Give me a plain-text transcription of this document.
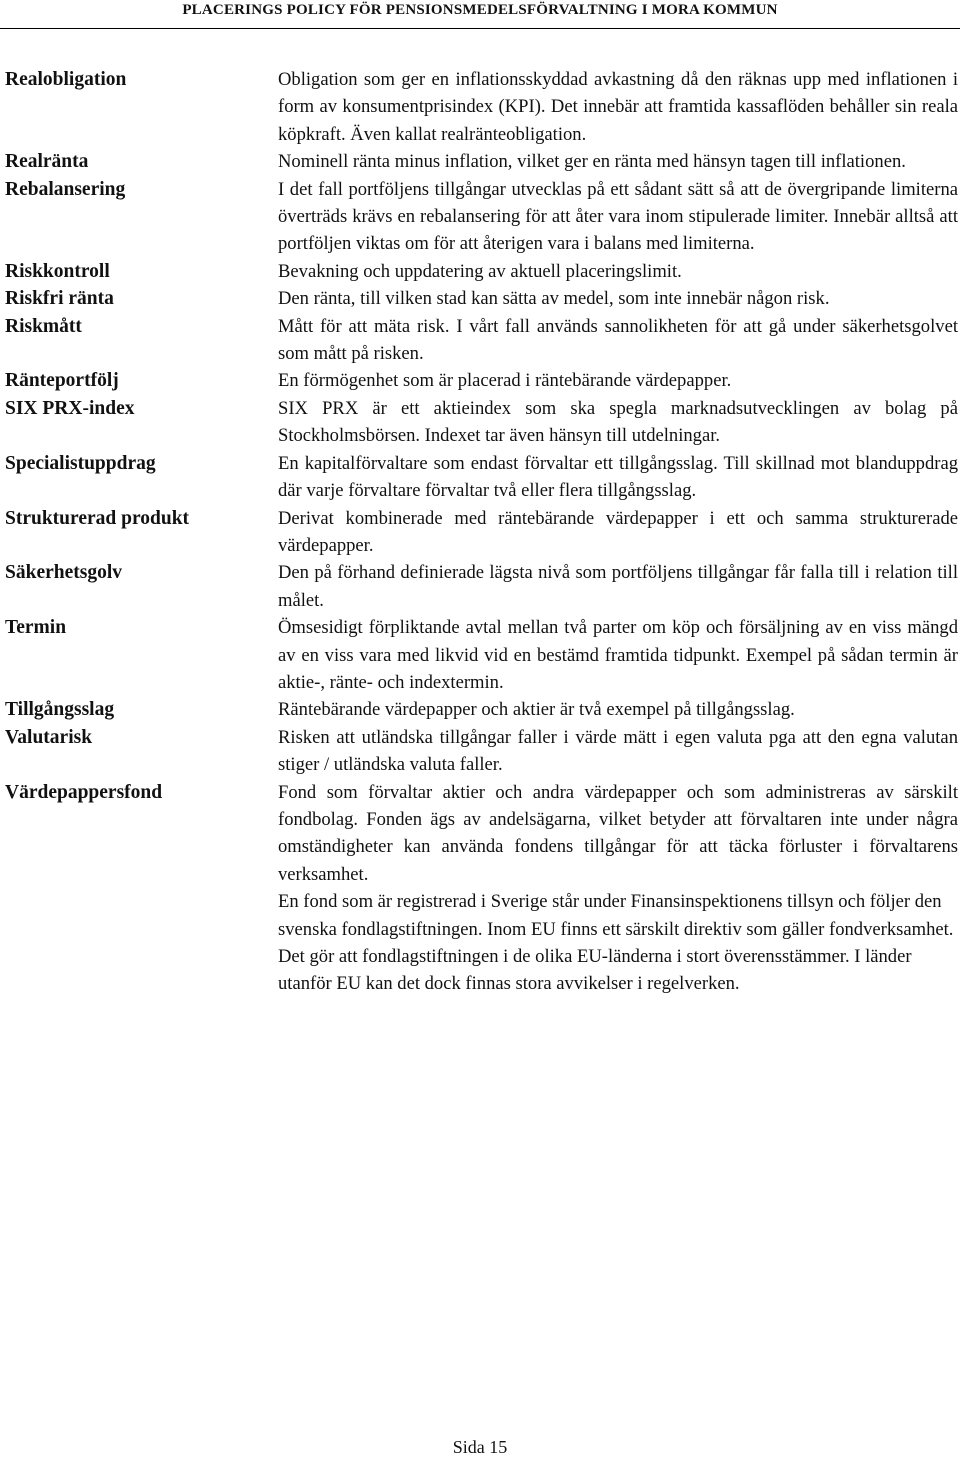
PLACERINGS POLICY FÖR PENSIONSMEDELSFÖRVALTNING I MORA KOMMUN
Realobligation	Obligation som ger en inflationsskyddad avkastning då den räknas upp med inflationen i form av konsumentprisindex (KPI). Det innebär att framtida kassaflöden behåller sin reala köpkraft. Även kallat realränteobligation.

Realränta	Nominell ränta minus inflation, vilket ger en ränta med hänsyn tagen till inflationen.

Rebalansering	I det fall portföljens tillgångar utvecklas på ett sådant sätt så att de övergripande limiterna överträds krävs en rebalansering för att åter vara inom stipulerade limiter. Innebär alltså att portföljen viktas om för att återigen vara i balans med limiterna.

Riskkontroll	Bevakning och uppdatering av aktuell placeringslimit.

Riskfri ränta	Den ränta, till vilken stad kan sätta av medel, som inte innebär någon risk.

Riskmått	Mått för att mäta risk. I vårt fall används sannolikheten för att gå under säkerhetsgolvet som mått på risken.

Ränteportfölj	En förmögenhet som är placerad i räntebärande värdepapper.

SIX PRX-index	SIX PRX är ett aktieindex som ska spegla marknadsutvecklingen av bolag på Stockholmsbörsen. Indexet tar även hänsyn till utdelningar.

Specialistuppdrag	En kapitalförvaltare som endast förvaltar ett tillgångsslag. Till skillnad mot blanduppdrag där varje förvaltare förvaltar två eller flera tillgångsslag.

Strukturerad produkt	Derivat kombinerade med räntebärande värdepapper i ett och samma strukturerade värdepapper.

Säkerhetsgolv	Den på förhand definierade lägsta nivå som portföljens tillgångar får falla till i relation till målet.

Termin	Ömsesidigt förpliktande avtal mellan två parter om köp och försäljning av en viss mängd av en viss vara med likvid vid en bestämd framtida tidpunkt. Exempel på sådan termin är aktie-, ränte- och indextermin.

Tillgångsslag	Räntebärande värdepapper och aktier är två exempel på tillgångsslag.

Valutarisk	Risken att utländska tillgångar faller i värde mätt i egen valuta pga att den egna valutan stiger / utländska valuta faller.

Värdepappersfond	Fond som förvaltar aktier och andra värdepapper och som administreras av särskilt fondbolag. Fonden ägs av andelsägarna, vilket betyder att förvaltaren inte under några omständigheter kan använda fondens tillgångar för att täcka förluster i förvaltarens verksamhet.

En fond som är registrerad i Sverige står under Finansinspektionens tillsyn och följer den svenska fondlagstiftningen. Inom EU finns ett särskilt direktiv som gäller fondverksamhet. Det gör att fondlagstiftningen i de olika EU-länderna i stort överensstämmer. I länder utanför EU kan det dock finnas stora avvikelser i regelverken.

Sida 15
